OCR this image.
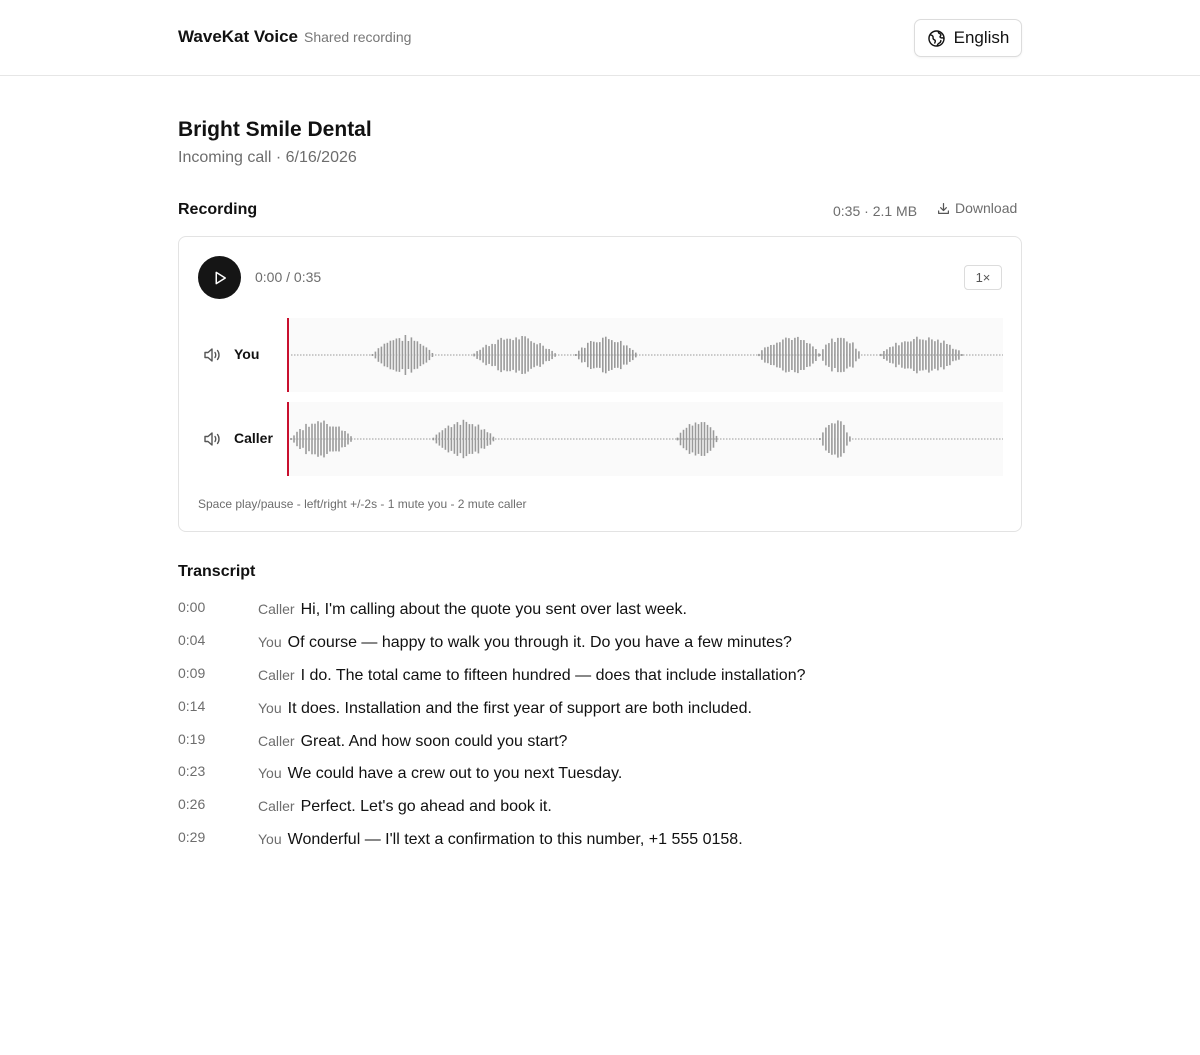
WaveKat Voice Shared recording	English
Bright Smile Dental
Incoming call · 6/16/2026
Recording	0:35 · 2.1 MB	Download
0:00 / 0:35	1×
You
Caller
Space play/pause - left/right +/-2s - 1 mute you - 2 mute caller
Transcript
0:00	Caller Hi, I'm calling about the quote you sent over last week.
0:04	You Of course — happy to walk you through it. Do you have a few minutes?
0:09	Caller I do. The total came to fifteen hundred — does that include installation?
0:14	You It does. Installation and the first year of support are both included.
0:19	Caller Great. And how soon could you start?
0:23	You We could have a crew out to you next Tuesday.
0:26	Caller Perfect. Let's go ahead and book it.
0:29	You Wonderful — I'll text a confirmation to this number, +1 555 0158.
